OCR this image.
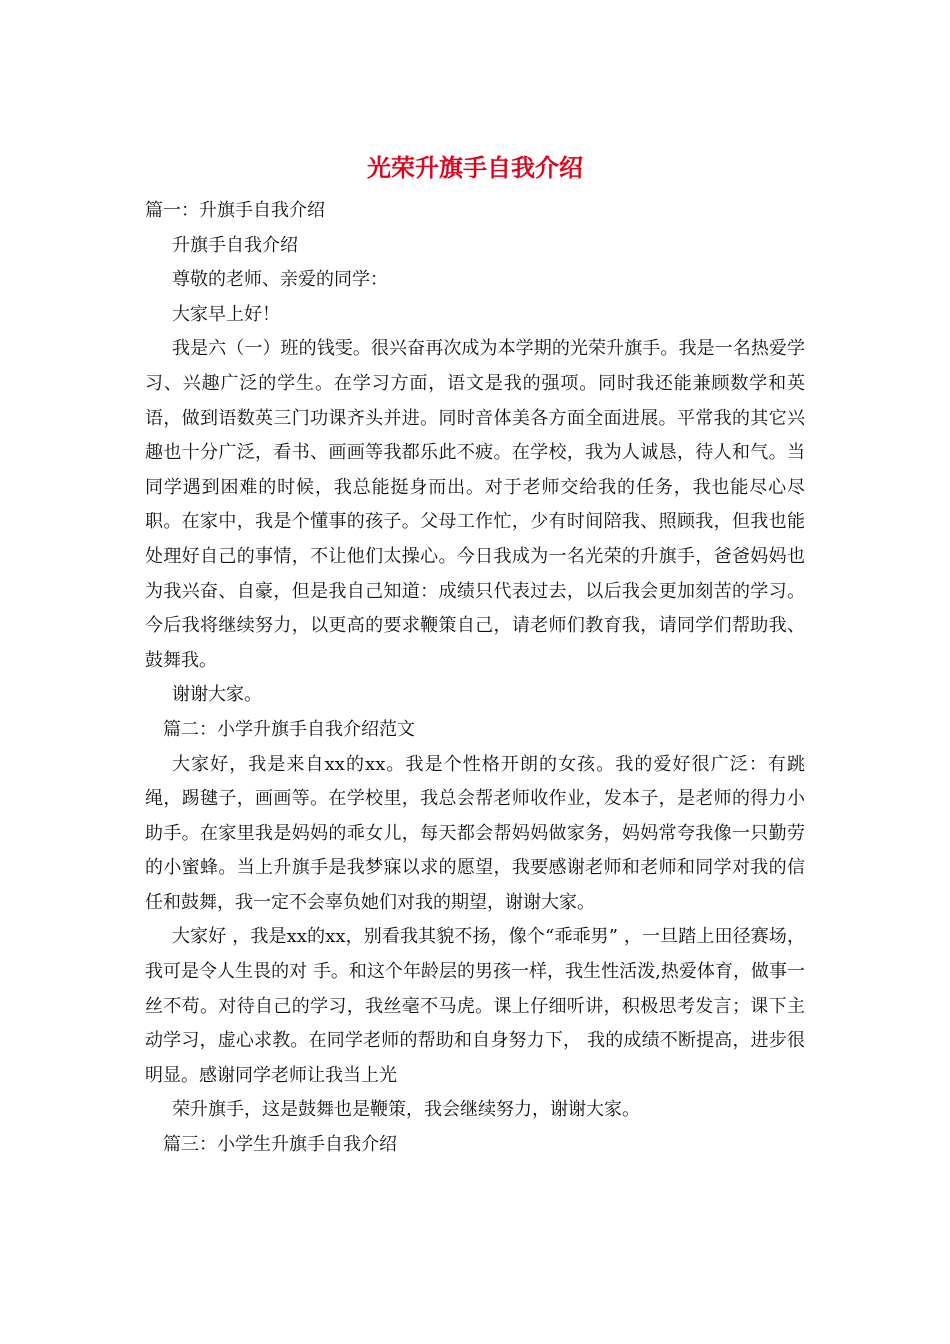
光荣升旗手自我介绍

篇一：升旗手自我介绍

升旗手自我介绍

尊敬的老师、亲爱的同学：

大家早上好！

我是六（一）班的钱雯。很兴奋再次成为本学期的光荣升旗手。我是一名热爱学习、兴趣广泛的学生。在学习方面，语文是我的强项。同时我还能兼顾数学和英语，做到语数英三门功课齐头并进。同时音体美各方面全面进展。平常我的其它兴趣也十分广泛，看书、画画等我都乐此不疲。在学校，我为人诚恳，待人和气。当同学遇到困难的时候，我总能挺身而出。对于老师交给我的任务，我也能尽心尽职。在家中，我是个懂事的孩子。父母工作忙，少有时间陪我、照顾我，但我也能处理好自己的事情，不让他们太操心。今日我成为一名光荣的升旗手，爸爸妈妈也为我兴奋、自豪，但是我自己知道：成绩只代表过去，以后我会更加刻苦的学习。今后我将继续努力，以更高的要求鞭策自己，请老师们教育我，请同学们帮助我、鼓舞我。

谢谢大家。

篇二：小学升旗手自我介绍范文

大家好，我是来自xx的xx。我是个性格开朗的女孩。我的爱好很广泛：有跳绳，踢毽子，画画等。在学校里，我总会帮老师收作业，发本子，是老师的得力小助手。在家里我是妈妈的乖女儿，每天都会帮妈妈做家务，妈妈常夸我像一只勤劳的小蜜蜂。当上升旗手是我梦寐以求的愿望，我要感谢老师和老师和同学对我的信任和鼓舞，我一定不会辜负她们对我的期望，谢谢大家。

大家好 ，我是xx的xx，别看我其貌不扬，像个“乖乖男” ，一旦踏上田径赛场，我可是令人生畏的对 手。和这个年龄层的男孩一样，我生性活泼,热爱体育，做事一丝不苟。对待自己的学习，我丝毫不马虎。课上仔细听讲，积极思考发言；课下主动学习，虚心求教。在同学老师的帮助和自身努力下， 我的成绩不断提高，进步很明显。感谢同学老师让我当上光

荣升旗手，这是鼓舞也是鞭策，我会继续努力，谢谢大家。

篇三：小学生升旗手自我介绍
